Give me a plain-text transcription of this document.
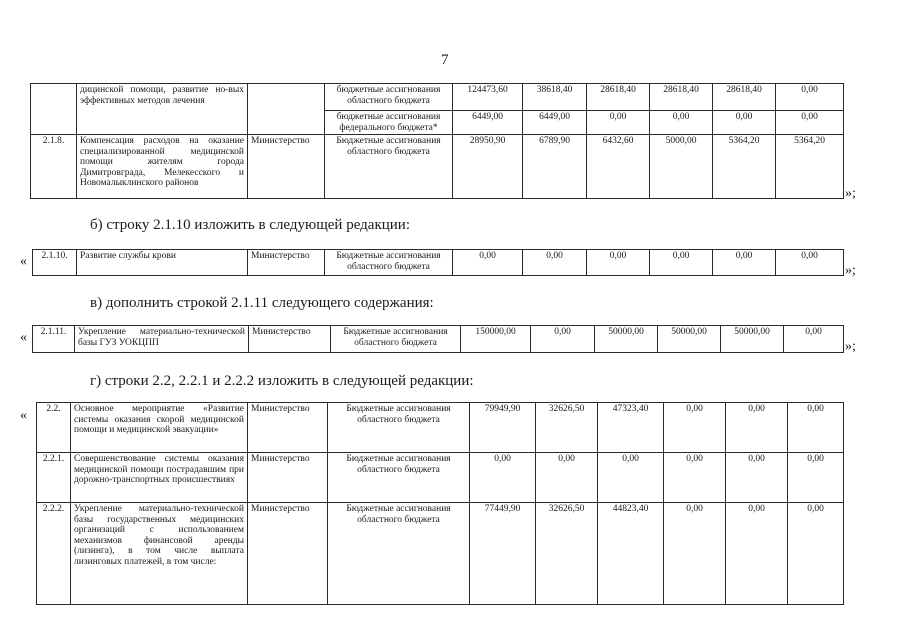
7
	дицинской помощи, развитие но-вых эффективных методов лечения		бюджетные ассигнования областного бюджета	124473,60	38618,40	28618,40	28618,40	28618,40	0,00
			бюджетные ассигнования федерального бюджета*	6449,00	6449,00	0,00	0,00	0,00	0,00
2.1.8.	Компенсация расходов на оказание специализированной медицинской помощи жителям города Димитровграда, Мелекесского и Новомалыклинского районов	Министерство	Бюджетные ассигнования областного бюджета	28950,90	6789,90	6432,60	5000,00	5364,20	5364,20
»;
б) строку 2.1.10 изложить в следующей редакции:
« 2.1.10.	Развитие службы крови	Министерство	Бюджетные ассигнования областного бюджета	0,00	0,00	0,00	0,00	0,00	0,00
»;
в) дополнить строкой 2.1.11 следующего содержания:
« 2.1.11.	Укрепление материально-технической базы ГУЗ УОКЦПП	Министерство	Бюджетные ассигнования областного бюджета	150000,00	0,00	50000,00	50000,00	50000,00	0,00
»;
г) строки 2.2, 2.2.1 и 2.2.2 изложить в следующей редакции:
« 2.2.	Основное мероприятие «Развитие системы оказания скорой медицинской помощи и медицинской эвакуации»	Министерство	Бюджетные ассигнования областного бюджета	79949,90	32626,50	47323,40	0,00	0,00	0,00
2.2.1.	Совершенствование системы оказания медицинской помощи пострадавшим при дорожно-транспортных происшествиях	Министерство	Бюджетные ассигнования областного бюджета	0,00	0,00	0,00	0,00	0,00	0,00
2.2.2.	Укрепление материально-технической базы государственных медицинских организаций с использованием механизмов финансовой аренды (лизинга), в том числе выплата лизинговых платежей, в том числе:	Министерство	Бюджетные ассигнования областного бюджета	77449,90	32626,50	44823,40	0,00	0,00	0,00
